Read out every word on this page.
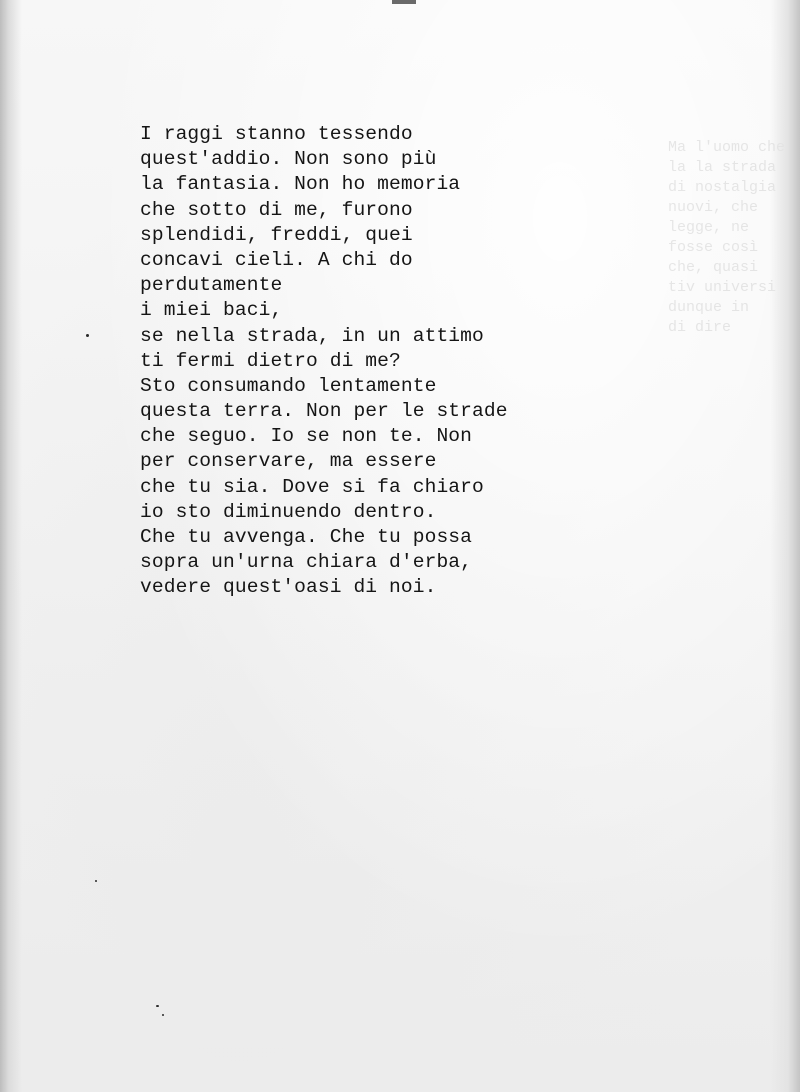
Ma l'uomo che
la la strada
di nostalgia
nuovi, che
legge, ne
fosse così
che, quasi
tiv universi
dunque in
di dire
I raggi stanno tessendo
quest'addio. Non sono più
la fantasia. Non ho memoria
che sotto di me, furono
splendidi, freddi, quei
concavi cieli. A chi do
perdutamente
i miei baci,
se nella strada, in un attimo
ti fermi dietro di me?
Sto consumando lentamente
questa terra. Non per le strade
che seguo. Io se non te. Non
per conservare, ma essere
che tu sia. Dove si fa chiaro
io sto diminuendo dentro.
Che tu avvenga. Che tu possa
sopra un'urna chiara d'erba,
vedere quest'oasi di noi.
